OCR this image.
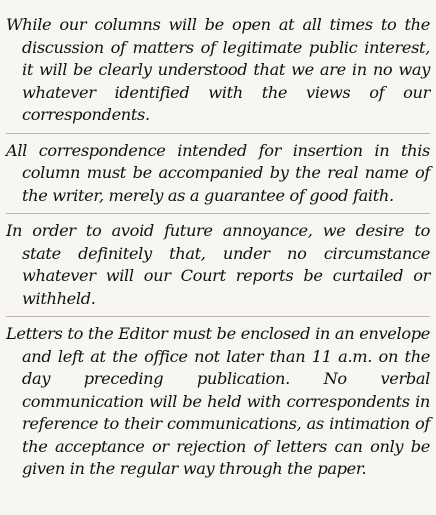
While our columns will be open at all times to the discussion of matters of legitimate public interest, it will be clearly understood that we are in no way whatever identified with the views of our correspondents.

All correspondence intended for insertion in this column must be accompanied by the real name of the writer, merely as a guarantee of good faith.

In order to avoid future annoyance, we desire to state definitely that, under no circumstance whatever will our Court reports be curtailed or withheld.

Letters to the Editor must be enclosed in an envelope and left at the office not later than 11 a.m. on the day preceding publication. No verbal communication will be held with correspondents in reference to their communications, as intimation of the acceptance or rejection of letters can only be given in the regular way through the paper.
